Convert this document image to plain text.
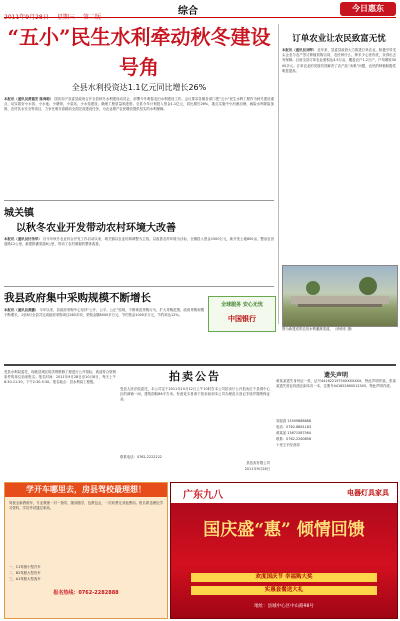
综合	今日惠东
“五小”民生水利牵动秋冬建设号角
全县水利投资达1.1亿元同比增长26%
本报讯（通讯员黄镇安 陈海彬） 国庆前夕县委县政府召开全县秋冬水利建设动员会，部署今冬明春农田水利建设工作。会议要求各镇各部门把“五小”民生水利工程作为秋冬建设重点，切实抓好小水窖、小水池、小塘坝、小泵站、小水渠建设，确保工程质量和进度。全县今年计划投入资金1.1亿元，同比增长26%，重点实施中小河流治理、病险水库除险加固、农村饮水安全等项目，力争在明年春耕前全面完成建设任务，为农业增产农民增收提供坚实的水利保障。
订单农业让农民致富无忧
本报讯（通讯员刘晖） 近年来，县委县政府大力推进订单农业，积极引导龙头企业与农户签订种植收购合同，农民种什么、种多少心里有底，卖得出去有保障。目前全县订单农业面积达3.5万亩，覆盖农户1.2万户，户均增收3000多元。订单农业的发展有效解决了农产品“卖难”问题，农民的种植积极性明显提高。
图为新建成的农田水利灌溉渠道。（徐伟东 摄）
城关镇
以秋冬农业开发带动农村环境大改善
本报讯（通讯员付伟华） 自今年秋冬农业综合开发工作启动以来，城关镇以农业结构调整为主线，以改善农村环境为目标，全镇投入资金1500万元，新开发土地800亩，整治农田道路12公里，新建排灌渠道8公里，带动了农村面貌的整体改善。
我县政府集中采购规模不断增长
本报讯（通讯员黄鹏） 今年以来，县政府采购中心坚持“公开、公平、公正”原则，不断规范采购行为，扩大采购范围，政府采购规模不断增长。1至8月全县共完成政府采购项目260多项，采购金额8000多万元，节约资金1000多万元，节约率达12%。
全球服务 安心无忧
中国银行
受县水利局委托，现就县城区防洪堤维修工程进行公开招标，欢迎符合资格条件的单位前来报名。报名时间：2011年9月28日至10月8日，每天上午8:30-11:30，下午2:30-5:30。报名地点：县水利局工程股。	拍卖公告
受县人民法院委托，本公司定于2011年10月12日上午10时在本公司拍卖厅公开拍卖位于县城中心区的商铺一间，建筑面积86平方米。有意竞买者请于拍卖前到本公司办理竞买登记手续并缴纳保证金。
联系电话：0762-2222222
县拍卖有限公司
2011年9月28日
遗失声明
黄某某遗失身份证一张，证号4416221975XXXXXXXX，特此声明作废。张某某遗失营业执照正副本各一本，注册号441622600012345，特此声明作废。
刘迎春 13509888888
电话：0762-8881183
黄某某 13671587564
联系：0762-2260856
十里王平经营部
学开车哪里去，房县驾校最理想！
驾校全新教练车，专业教练一对一指导，随到随学，包教包会，一次收费无其他费用。报名即送理论学习资料，学员考试通过率高。
一、C1驾照小型汽车
二、B2驾照大型货车
三、A1驾照大型客车
报名热线：0762-2282888
广东九八	电器灯具家具
国庆盛“惠” 倾情回馈
欢度国庆节 幸福购大奖
实惠套餐送大礼
地址：县城中心区中山路98号
